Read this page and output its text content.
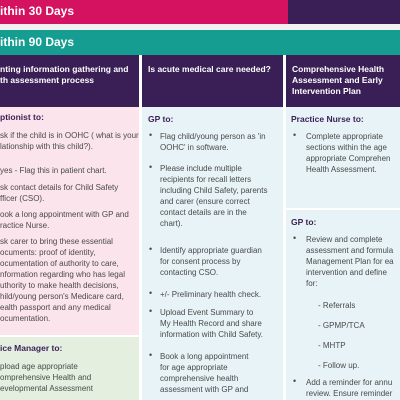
ithin 30 Days
ithin 90 Days
nting information gathering and
th assessment process
Is acute medical care needed?	Comprehensive Health
Assessment and Early
Intervention Plan
ptionist to:
sk if the child is in OOHC ( what is your
lationship with this child?).
yes - Flag this in patient chart.
sk contact details for Child Safety
fficer (CSO).
ook a long appointment with GP and
ractice Nurse.
sk carer to bring these essential
ocuments: proof of identity,
ocumentation of authority to care,
nformation regarding who has legal
uthority to make health decisions,
hild/young person's Medicare card,
ealth passport and any medical
ocumentation.
ice Manager to:
pload age appropriate
omprehensive Health and
evelopmental Assessment
GP to:
• Flag child/young person as 'in
OOHC' in software.
• Please include multiple
recipients for recall letters
including Child Safety, parents
and carer (ensure correct
contact details are in the
chart).
• Identify appropriate guardian
for consent process by
contacting CSO.
• +/- Preliminary health check.
• Upload Event Summary to
My Health Record and share
information with Child Safety.
• Book a long appointment
for age appropriate
comprehensive health
assessment with GP and
Practice Nurse to:
• Complete appropriate
sections within the age
appropriate Comprehen
Health Assessment.
GP to:
• Review and complete
assessment and formula
Management Plan for ea
intervention and define
for:
- Referrals
- GPMP/TCA
- MHTP
- Follow up.
• Add a reminder for annu
review. Ensure reminder
